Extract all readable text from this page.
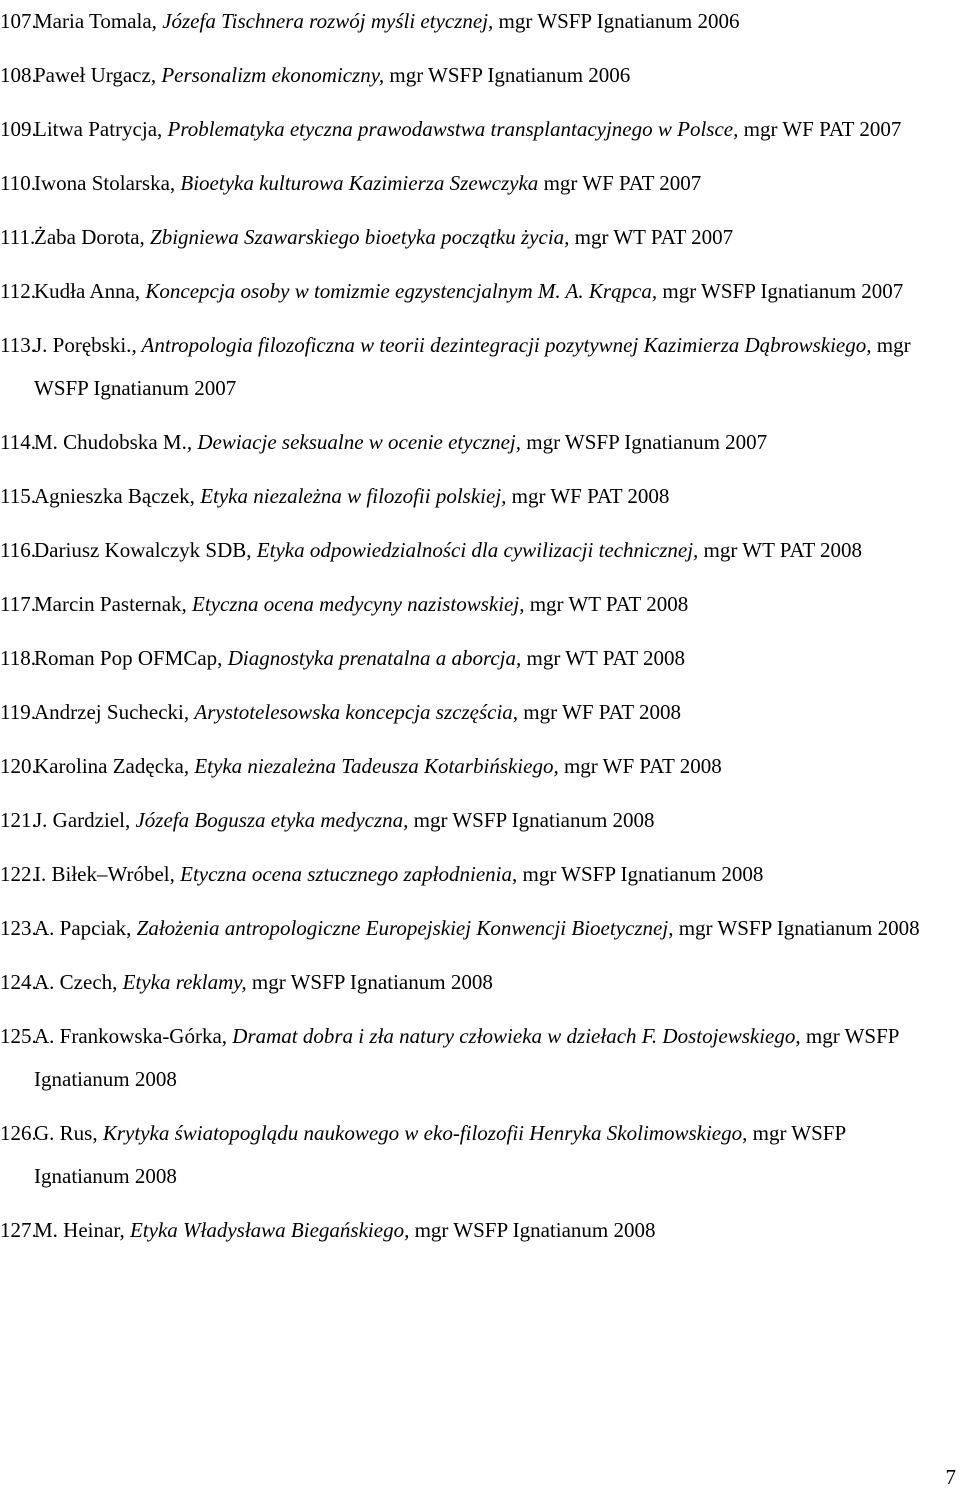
107.
Maria Tomala, Józefa Tischnera rozwój myśli etycznej, mgr WSFP Ignatianum 2006
108.
Paweł Urgacz, Personalizm ekonomiczny, mgr WSFP Ignatianum 2006
109.
Litwa Patrycja, Problematyka etyczna prawodawstwa transplantacyjnego w Polsce, mgr WF PAT 2007
110.
Iwona Stolarska, Bioetyka kulturowa Kazimierza Szewczyka mgr WF PAT 2007
111.
Żaba Dorota, Zbigniewa Szawarskiego bioetyka początku życia, mgr WT PAT 2007
112.
Kudła Anna, Koncepcja osoby w tomizmie egzystencjalnym M. A. Krąpca, mgr WSFP Ignatianum 2007
113.
J. Porębski., Antropologia filozoficzna w teorii dezintegracji pozytywnej Kazimierza Dąbrowskiego, mgr WSFP Ignatianum 2007
114.
M. Chudobska M., Dewiacje seksualne w ocenie etycznej, mgr WSFP Ignatianum 2007
115.
Agnieszka Bączek, Etyka niezależna w filozofii polskiej, mgr WF PAT 2008
116.
Dariusz Kowalczyk SDB, Etyka odpowiedzialności dla cywilizacji technicznej, mgr WT PAT 2008
117.
Marcin Pasternak, Etyczna ocena medycyny nazistowskiej, mgr WT PAT 2008
118.
Roman Pop OFMCap, Diagnostyka prenatalna a aborcja, mgr WT PAT 2008
119.
Andrzej Suchecki, Arystotelesowska koncepcja szczęścia, mgr WF PAT 2008
120.
Karolina Zadęcka, Etyka niezależna Tadeusza Kotarbińskiego, mgr WF PAT 2008
121.
J. Gardziel, Józefa Bogusza etyka medyczna, mgr WSFP Ignatianum 2008
122.
I. Biłek–Wróbel, Etyczna ocena sztucznego zapłodnienia, mgr WSFP Ignatianum 2008
123.
A. Papciak, Założenia antropologiczne Europejskiej Konwencji Bioetycznej, mgr WSFP Ignatianum 2008
124.
A. Czech, Etyka reklamy, mgr WSFP Ignatianum 2008
125.
A. Frankowska-Górka, Dramat dobra i zła natury człowieka w dziełach F. Dostojewskiego, mgr WSFP Ignatianum 2008
126.
G. Rus, Krytyka światopoglądu naukowego w eko-filozofii Henryka Skolimowskiego, mgr WSFP Ignatianum 2008
127.
M. Heinar, Etyka Władysława Biegańskiego, mgr WSFP Ignatianum 2008
7
